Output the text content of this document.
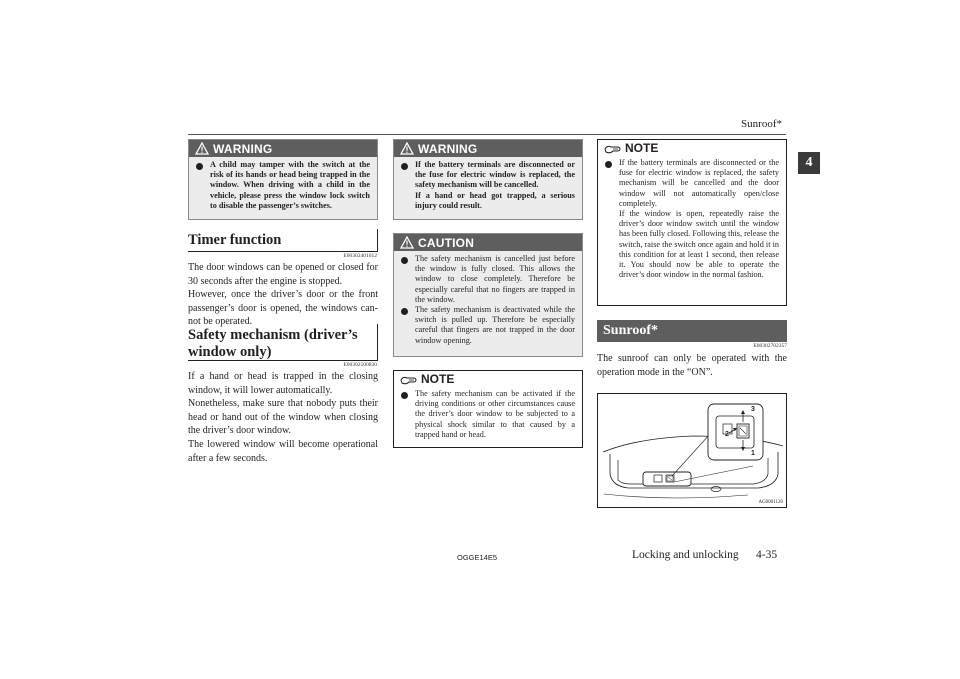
Sunroof*
4
WARNING
A child may tamper with the switch at the risk of its hands or head being trapped in the window. When driving with a child in the vehicle, please press the window lock switch to disable the passenger’s switches.
Timer function
E00302401012
The door windows can be opened or closed for 30 seconds after the engine is stopped.
However, once the driver’s door or the front passenger’s door is opened, the windows cannot be operated.
Safety mechanism (driver’s
window only)
E00302500830
If a hand or head is trapped in the closing window, it will lower automatically.
Nonetheless, make sure that nobody puts their head or hand out of the window when closing the driver’s door window.
The lowered window will become operational after a few seconds.
WARNING
If the battery terminals are disconnected or the fuse for electric window is replaced, the safety mechanism will be cancelled.
If a hand or head got trapped, a serious injury could result.
CAUTION
The safety mechanism is cancelled just before the window is fully closed. This allows the window to close completely. Therefore be especially careful that no fingers are trapped in the window.
The safety mechanism is deactivated while the switch is pulled up. Therefore be especially careful that fingers are not trapped in the door window opening.
NOTE
The safety mechanism can be activated if the driving conditions or other circumstances cause the driver’s door window to be subjected to a physical shock similar to that caused by a trapped hand or head.
NOTE
If the battery terminals are disconnected or the fuse for electric window is replaced, the safety mechanism will be cancelled and the door window will not automatically open/close completely.
If the window is open, repeatedly raise the driver’s door window switch until the window has been fully closed. Following this, release the switch, raise the switch once again and hold it in this condition for at least 1 second, then release it. You should now be able to operate the driver’s door window in the normal fashion.
Sunroof*
E00302702357
The sunroof can only be operated with the operation mode in the “ON”.
3
2
1
AG0001120
OGGE14E5	Locking and unlocking 4-35
